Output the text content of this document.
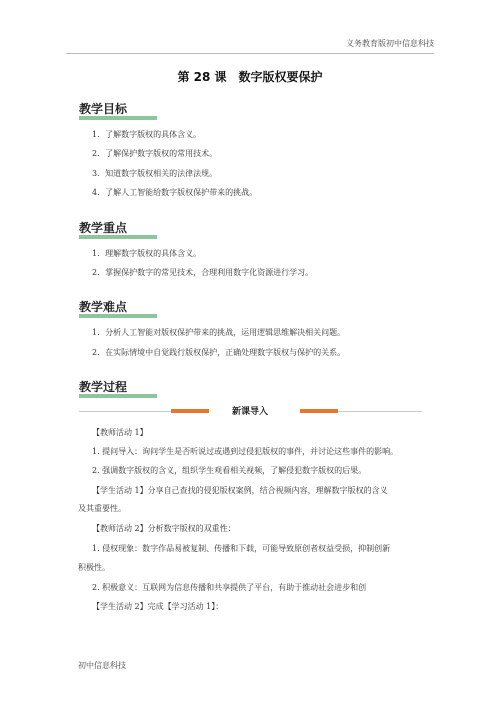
义务教育版初中信息科技
第 28 课　数字版权要保护
教学目标
1．了解数字版权的具体含义。
2．了解保护数字版权的常用技术。
3．知道数字版权相关的法律法规。
4．了解人工智能给数字版权保护带来的挑战。
教学重点
1．理解数字版权的具体含义。
2．掌握保护数字的常见技术，合理利用数字化资源进行学习。
教学难点
1．分析人工智能对版权保护带来的挑战，运用逻辑思维解决相关问题。
2．在实际情境中自觉践行版权保护，正确处理数字版权与保护的关系。
教学过程
新课导入
【教师活动 1】
1. 提问导入：询问学生是否听说过或遇到过侵犯版权的事件，并讨论这些事件的影响。
2. 强调数字版权的含义，组织学生观看相关视频，了解侵犯数字版权的后果。
【学生活动 1】分享自己查找的侵犯版权案例，结合视频内容，理解数字版权的含义
及其重要性。
【教师活动 2】分析数字版权的双重性：
1. 侵权现象：数字作品易被复制、传播和下载，可能导致原创者权益受损，抑制创新
积极性。
2. 积极意义：互联网为信息传播和共享提供了平台，有助于推动社会进步和创
【学生活动 2】完成【学习活动 1】：
初中信息科技
